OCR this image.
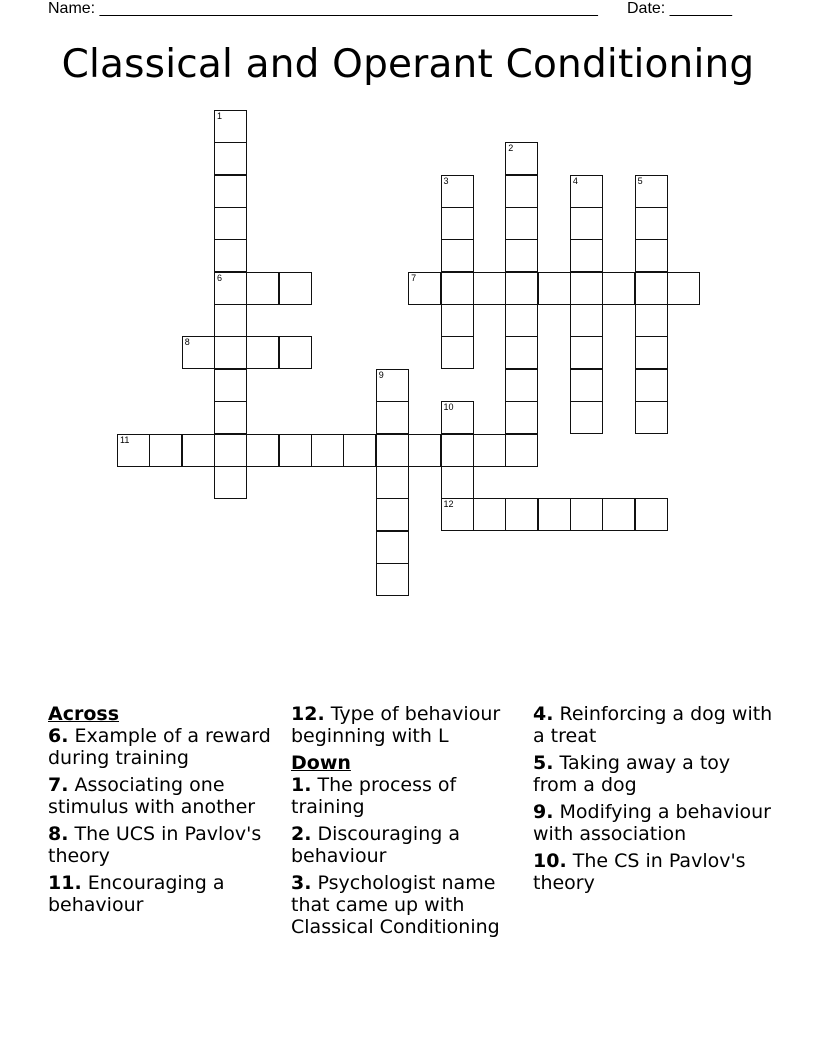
Name: ________________________________________________________ Date: _______
Classical and Operant Conditioning
1
6
2
3	4	5
7
8
9
10
12
11
Across
6. Example of a reward during training
7. Associating one stimulus with another
8. The UCS in Pavlov's theory
11. Encouraging a behaviour
12. Type of behaviour beginning with L
Down
1. The process of training
2. Discouraging a behaviour
3. Psychologist name that came up with Classical Conditioning
4. Reinforcing a dog with a treat
5. Taking away a toy from a dog
9. Modifying a behaviour with association
10. The CS in Pavlov's theory
